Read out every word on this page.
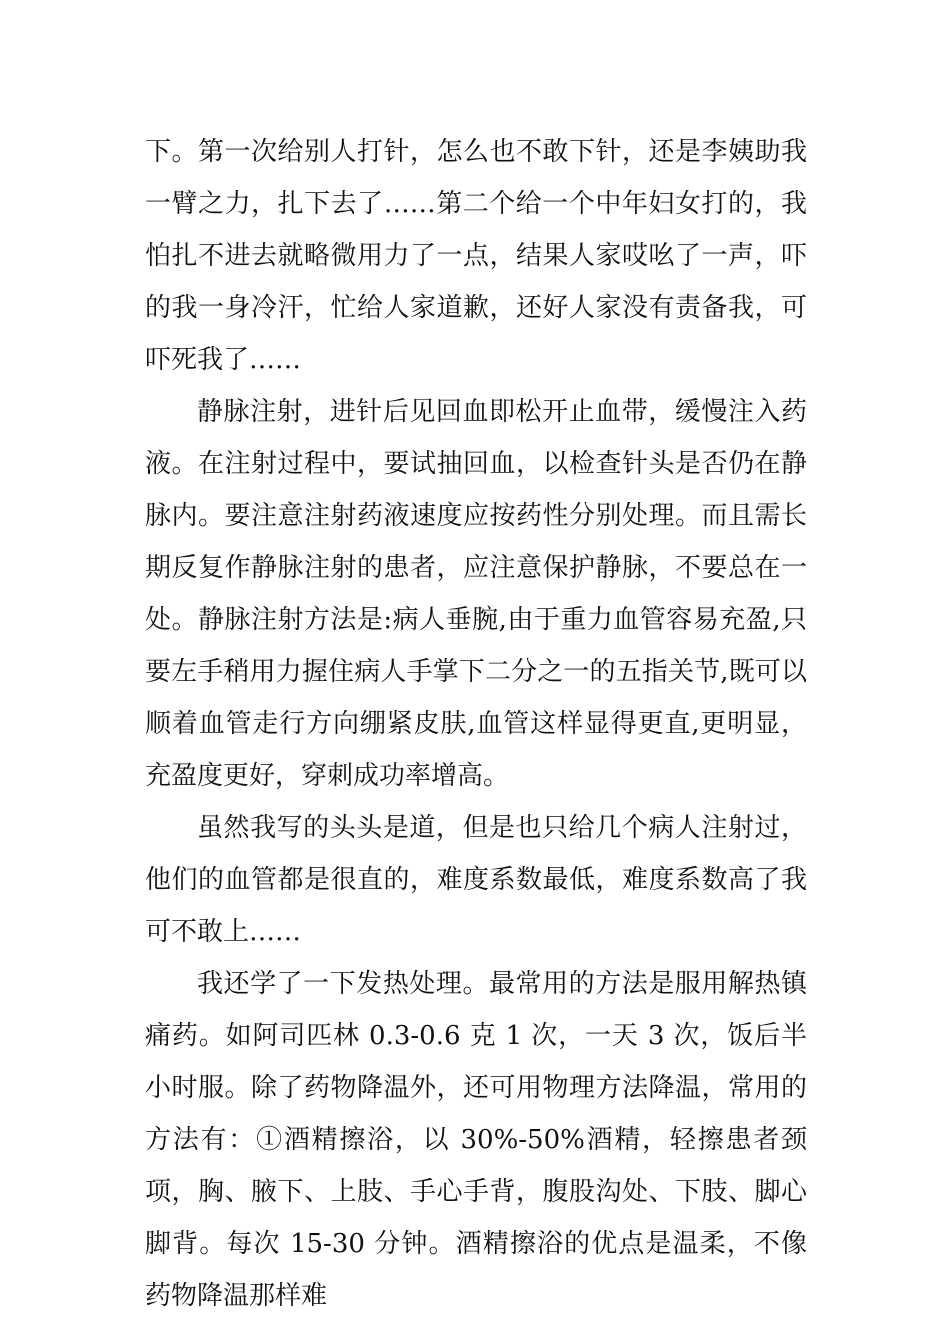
下。第一次给别人打针，怎么也不敢下针，还是李姨助我一臂之力，扎下去了……第二个给一个中年妇女打的，我怕扎不进去就略微用力了一点，结果人家哎吆了一声，吓的我一身冷汗，忙给人家道歉，还好人家没有责备我，可吓死我了……

静脉注射，进针后见回血即松开止血带，缓慢注入药液。在注射过程中，要试抽回血，以检查针头是否仍在静脉内。要注意注射药液速度应按药性分别处理。而且需长期反复作静脉注射的患者，应注意保护静脉，不要总在一处。静脉注射方法是:病人垂腕,由于重力血管容易充盈,只要左手稍用力握住病人手掌下二分之一的五指关节,既可以顺着血管走行方向绷紧皮肤,血管这样显得更直,更明显，充盈度更好，穿刺成功率增高。

虽然我写的头头是道，但是也只给几个病人注射过，他们的血管都是很直的，难度系数最低，难度系数高了我可不敢上……

我还学了一下发热处理。最常用的方法是服用解热镇痛药。如阿司匹林 0.3-0.6 克 1 次，一天 3 次，饭后半小时服。除了药物降温外，还可用物理方法降温，常用的方法有：①酒精擦浴，以 30%-50%酒精，轻擦患者颈项，胸、腋下、上肢、手心手背，腹股沟处、下肢、脚心脚背。每次 15-30 分钟。酒精擦浴的优点是温柔，不像药物降温那样难
